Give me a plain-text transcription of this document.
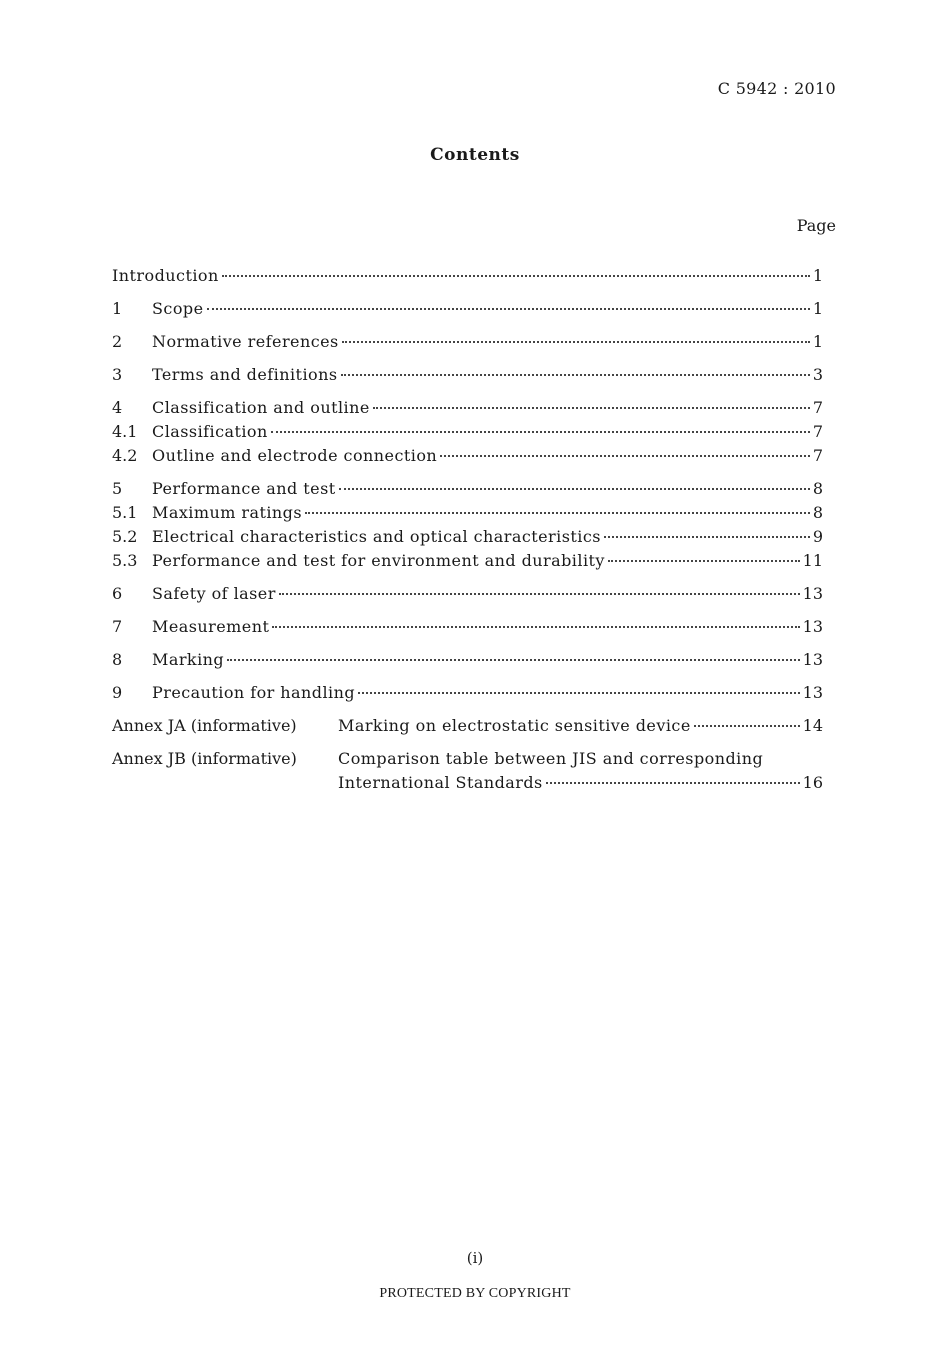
C 5942 : 2010
Contents
Page
Introduction	1
1	Scope	1
2	Normative references	1
3	Terms and definitions	3
4	Classification and outline	7
4.1 Classification	7
4.2 Outline and electrode connection	7
5	Performance and test	8
5.1 Maximum ratings	8
5.2 Electrical characteristics and optical characteristics	9
5.3 Performance and test for environment and durability	11
6	Safety of laser	13
7	Measurement	13
8	Marking	13
9	Precaution for handling	13
Annex JA (informative)	Marking on electrostatic sensitive device	14
Annex JB (informative)	Comparison table between JIS and corresponding
International Standards	16
(i)
PROTECTED BY COPYRIGHT
